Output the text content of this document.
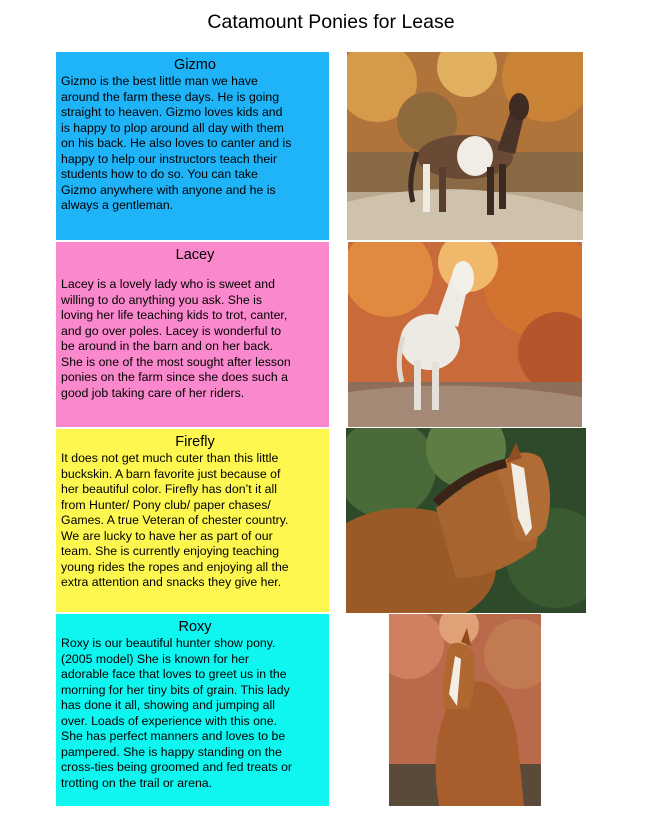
Catamount Ponies for Lease

Gizmo

Gizmo is the best little man we have
around the farm these days. He is going
straight to heaven. Gizmo loves kids and
is happy to plop around all day with them
on his back. He also loves to canter and is
happy to help our instructors teach their
students how to do so. You can take
Gizmo anywhere with anyone and he is
always a gentleman.

Lacey

Lacey is a lovely lady who is sweet and
willing to do anything you ask. She is
loving her life teaching kids to trot, canter,
and go over poles. Lacey is wonderful to
be around in the barn and on her back.
She is one of the most sought after lesson
ponies on the farm since she does such a
good job taking care of her riders.

Firefly

It does not get much cuter than this little
buckskin. A barn favorite just because of
her beautiful color. Firefly has don’t it all
from Hunter/ Pony club/ paper chases/
Games. A true Veteran of chester country.
We are lucky to have her as part of our
team. She is currently enjoying teaching
young rides the ropes and enjoying all the
extra attention and snacks they give her.

Roxy

Roxy is our beautiful hunter show pony.
(2005 model) She is known for her
adorable face that loves to greet us in the
morning for her tiny bits of grain. This lady
has done it all, showing and jumping all
over. Loads of experience with this one.
She has perfect manners and loves to be
pampered. She is happy standing on the
cross-ties being groomed and fed treats or
trotting on the trail or arena.
